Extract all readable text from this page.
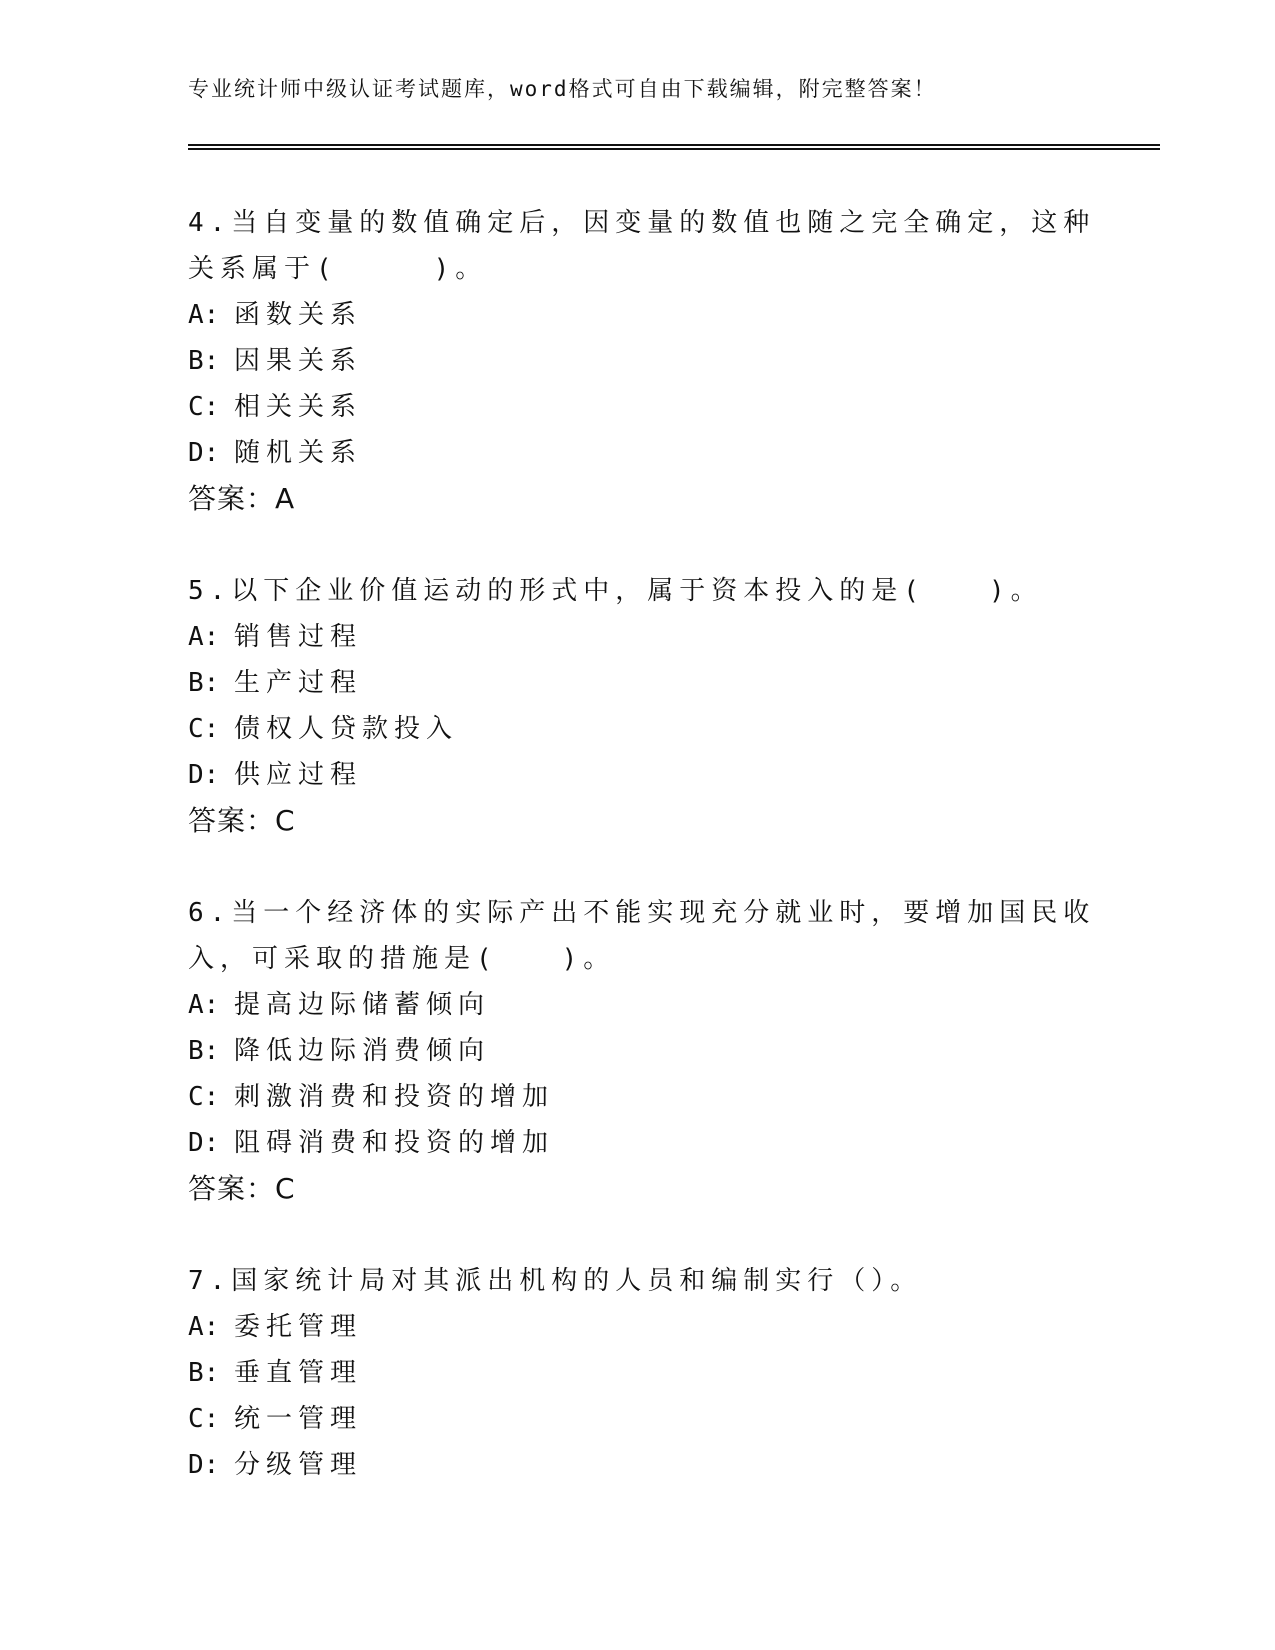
专业统计师中级认证考试题库，word格式可自由下载编辑，附完整答案！

4.当自变量的数值确定后，因变量的数值也随之完全确定，这种关系属于(　　　)。

A: 函数关系
B: 因果关系
C: 相关关系
D: 随机关系
答案：A

5.以下企业价值运动的形式中，属于资本投入的是(　　)。

A: 销售过程
B: 生产过程
C: 债权人贷款投入
D: 供应过程
答案：C

6.当一个经济体的实际产出不能实现充分就业时，要增加国民收入，可采取的措施是(　　)。

A: 提高边际储蓄倾向
B: 降低边际消费倾向
C: 刺激消费和投资的增加
D: 阻碍消费和投资的增加
答案：C

7.国家统计局对其派出机构的人员和编制实行（）。

A: 委托管理
B: 垂直管理
C: 统一管理
D: 分级管理
